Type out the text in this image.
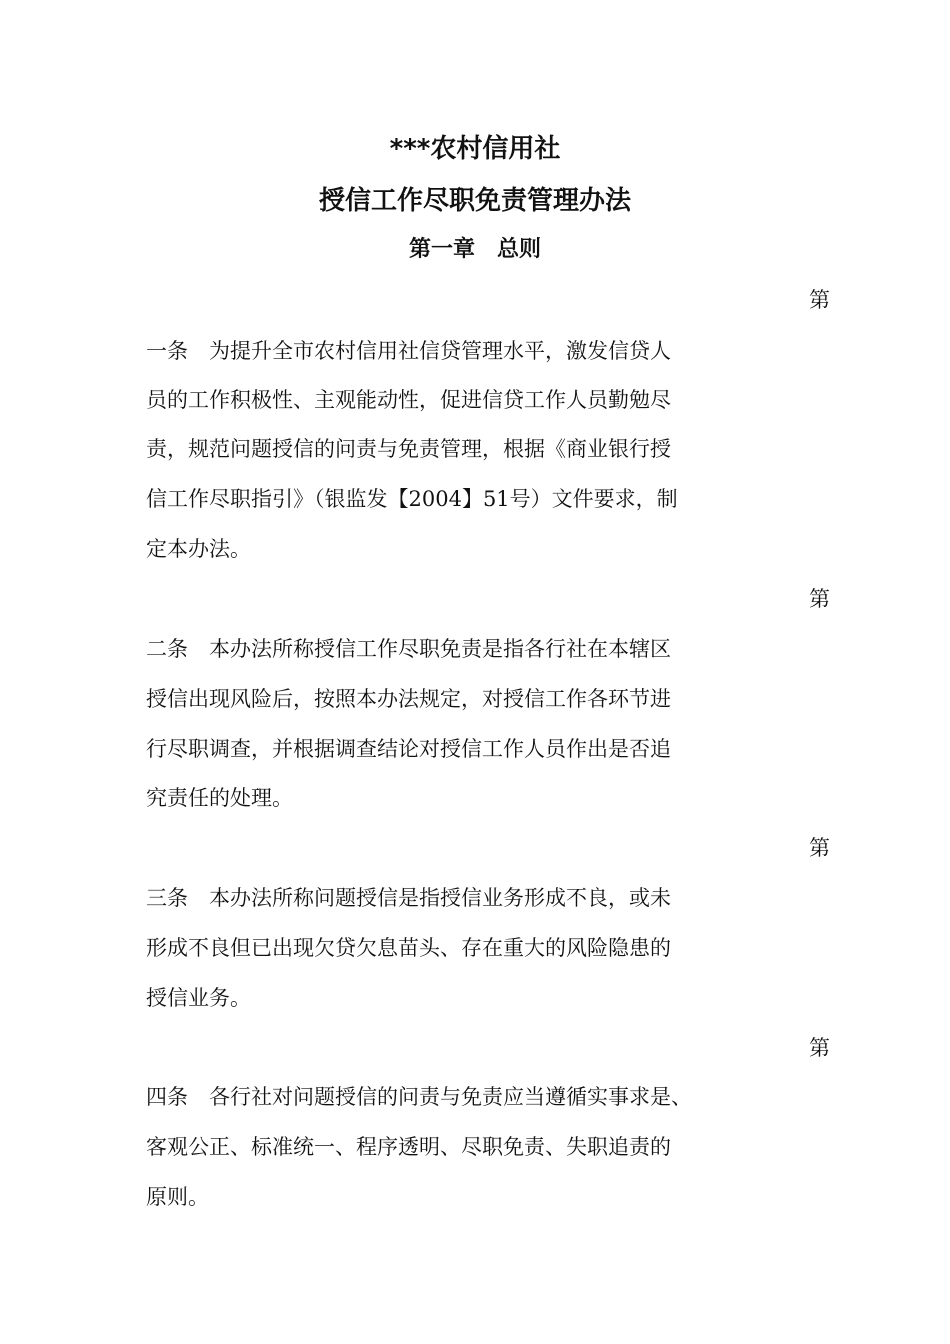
***农村信用社
授信工作尽职免责管理办法
第一章　总则
第
一条　为提升全市农村信用社信贷管理水平，激发信贷人
员的工作积极性、主观能动性，促进信贷工作人员勤勉尽
责，规范问题授信的问责与免责管理，根据《商业银行授
信工作尽职指引》（银监发【2004】51号）文件要求，制
定本办法。
第
二条　本办法所称授信工作尽职免责是指各行社在本辖区
授信出现风险后，按照本办法规定，对授信工作各环节进
行尽职调查，并根据调查结论对授信工作人员作出是否追
究责任的处理。
第
三条　本办法所称问题授信是指授信业务形成不良，或未
形成不良但已出现欠贷欠息苗头、存在重大的风险隐患的
授信业务。
第
四条　各行社对问题授信的问责与免责应当遵循实事求是、
客观公正、标准统一、程序透明、尽职免责、失职追责的
原则。
